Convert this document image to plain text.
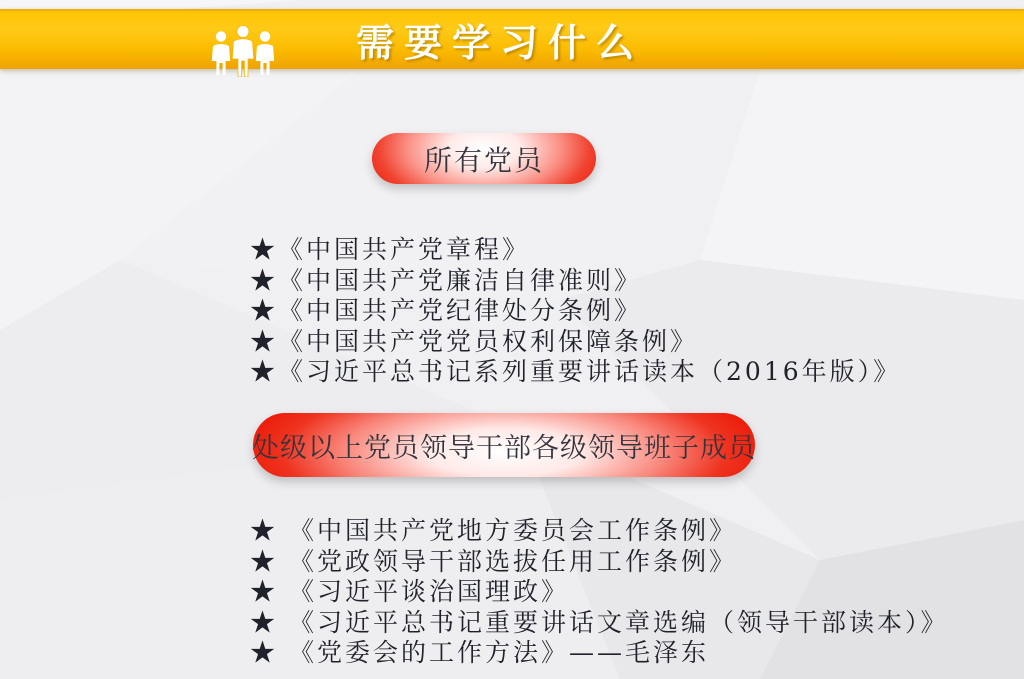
需要学习什么
所有党员
★《中国共产党章程》
★《中国共产党廉洁自律准则》
★《中国共产党纪律处分条例》
★《中国共产党党员权利保障条例》
★《习近平总书记系列重要讲话读本（2016年版）》
处级以上党员领导干部各级领导班子成员
★ 《中国共产党地方委员会工作条例》
★ 《党政领导干部选拔任用工作条例》
★ 《习近平谈治国理政》
★ 《习近平总书记重要讲话文章选编（领导干部读本）》
★ 《党委会的工作方法》——毛泽东
